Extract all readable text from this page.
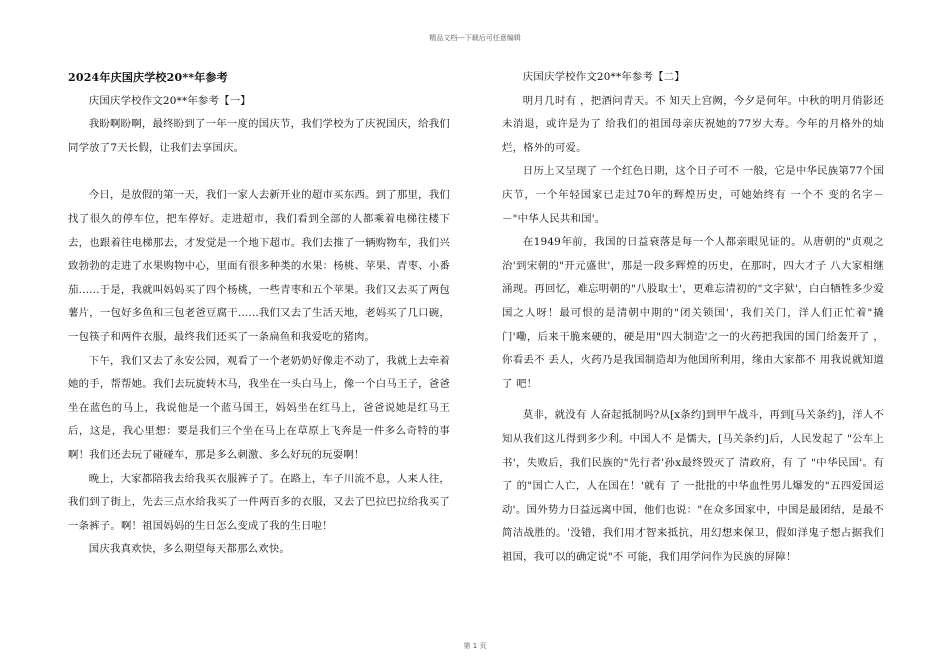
精品文档---下载后可任意编辑
2024年庆国庆学校20**年参考

庆国庆学校作文20**年参考【一】

我盼啊盼啊，最终盼到了一年一度的国庆节，我们学校为了庆祝国庆，给我们同学放了7天长假，让我们去享国庆。

今日，是放假的第一天，我们一家人去新开业的超市买东西。到了那里，我们找了很久的停车位，把车停好。走进超市，我们看到全部的人都乘着电梯往楼下去，也跟着往电梯那去，才发觉是一个地下超市。我们去推了一辆购物车，我们兴致勃勃的走进了水果购物中心，里面有很多种类的水果：杨桃、苹果、青枣、小番茄......于是，我就叫妈妈买了四个杨桃，一些青枣和五个苹果。我们又去买了两包薯片，一包好多鱼和三包老爸豆腐干......我们又去了生活天地，老妈买了几口碗，一包筷子和两件衣服，最终我们还买了一条扁鱼和我爱吃的猪肉。

下午，我们又去了永安公园，观看了一个老奶奶好像走不动了，我就上去牵着她的手，帮帮她。我们去玩旋转木马，我坐在一头白马上，像一个白马王子，爸爸坐在蓝色的马上，我说他是一个蓝马国王，妈妈坐在红马上，爸爸说她是红马王后，这是，我心里想：要是我们三个坐在马上在草原上飞奔是一件多么奇特的事啊！我们还去玩了碰碰车，那是多么刺激、多么好玩的玩耍啊！

晚上，大家都陪我去给我买衣服裤子了。在路上，车子川流不息，人来人往，我们到了街上，先去三点水给我买了一件两百多的衣服，又去了巴拉巴拉给我买了一条裤子。啊！祖国妈妈的生日怎么变成了我的生日啦！

国庆我真欢快，多么期望每天都那么欢快。

庆国庆学校作文20**年参考【二】

明月几时有 ，把酒问青天。不 知天上宫阙，今夕是何年。中秋的明月俏影还未消退，或许是为了 给我们的祖国母亲庆祝她的77岁大寿。今年的月格外的灿烂，格外的可爱。

日历上又呈现了 一个红色日期，这个日子可不 一般，它是中华民族第77个国庆节，一个年轻国家已走过70年的辉煌历史，可她始终有 一个不 变的名字－－"中华人民共和国'。

在1949年前，我国的日益衰落是每一个人都亲眼见证的。从唐朝的"贞观之治'到宋朝的"开元盛世'，那是一段多辉煌的历史，在那时，四大才子 八大家相继涌现。再回忆，难忘明朝的"八股取士'，更难忘清初的"文字狱'，白白牺牲多少爱国之人呀！最可恨的是清朝中期的"闭关锁国'，我们关门，洋人们正忙着"撬门'嘞，后来干脆来硬的，硬是用"四大制造'之一的火药把我国的国门给轰开了 ，你看丢不 丢人，火药乃是我国制造却为他国所利用，缘由大家都不 用我说就知道了 吧！

莫非，就没有 人奋起抵制吗?从[x条约]到甲午战斗，再到[马关条约]，洋人不 知从我们这儿得到多少利。中国人不 是懦夫，[马关条约]后，人民发起了 "公车上书'，失败后，我们民族的"先行者'孙x最终毁灭了 清政府，有 了 "中华民国'。有 了 的"国亡人亡，人在国在！'就有 了 一批批的中华血性男儿爆发的"五四爱国运动'。国外势力日益远离中国，他们也说："在众多国家中，中国是最团结，是最不 简洁战胜的。'没错，我们用才智来抵抗，用幻想来保卫，假如洋鬼子想占据我们祖国，我可以的确定说"不 可能，我们用学问作为民族的屏障！

第 1 页
